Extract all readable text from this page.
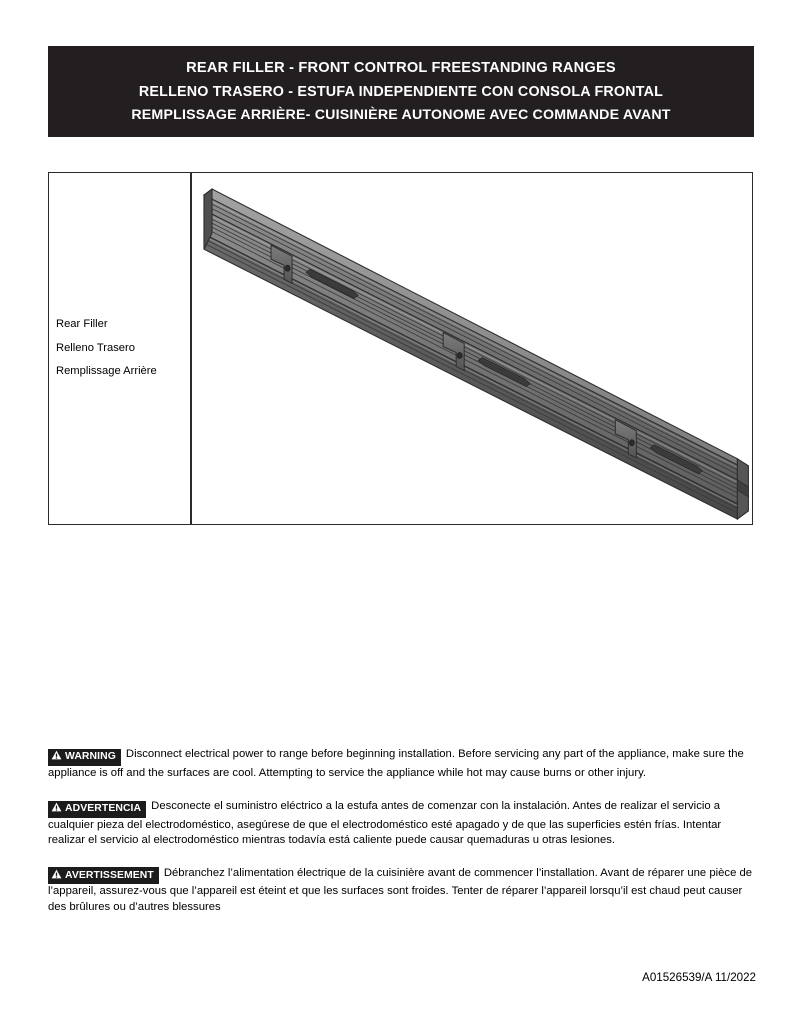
REAR FILLER - FRONT CONTROL FREESTANDING RANGES
RELLENO TRASERO - ESTUFA INDEPENDIENTE CON CONSOLA FRONTAL
REMPLISSAGE ARRIÈRE- CUISINIÈRE AUTONOME AVEC COMMANDE AVANT
Rear Filler
Relleno Trasero
Remplissage Arrière

WARNING Disconnect electrical power to range before beginning installation. Before servicing any part of the appliance, make sure the appliance is off and the surfaces are cool. Attempting to service the appliance while hot may cause burns or other injury.

ADVERTENCIA Desconecte el suministro eléctrico a la estufa antes de comenzar con la instalación. Antes de realizar el servicio a cualquier pieza del electrodoméstico, asegúrese de que el electrodoméstico esté apagado y de que las superficies estén frías. Intentar realizar el servicio al electrodoméstico mientras todavía está caliente puede causar quemaduras u otras lesiones.

AVERTISSEMENT Débranchez l’alimentation électrique de la cuisinière avant de commencer l’installation. Avant de réparer une pièce de l’appareil, assurez-vous que l’appareil est éteint et que les surfaces sont froides. Tenter de réparer l’appareil lorsqu’il est chaud peut causer des brûlures ou d’autres blessures

A01526539/A 11/2022
